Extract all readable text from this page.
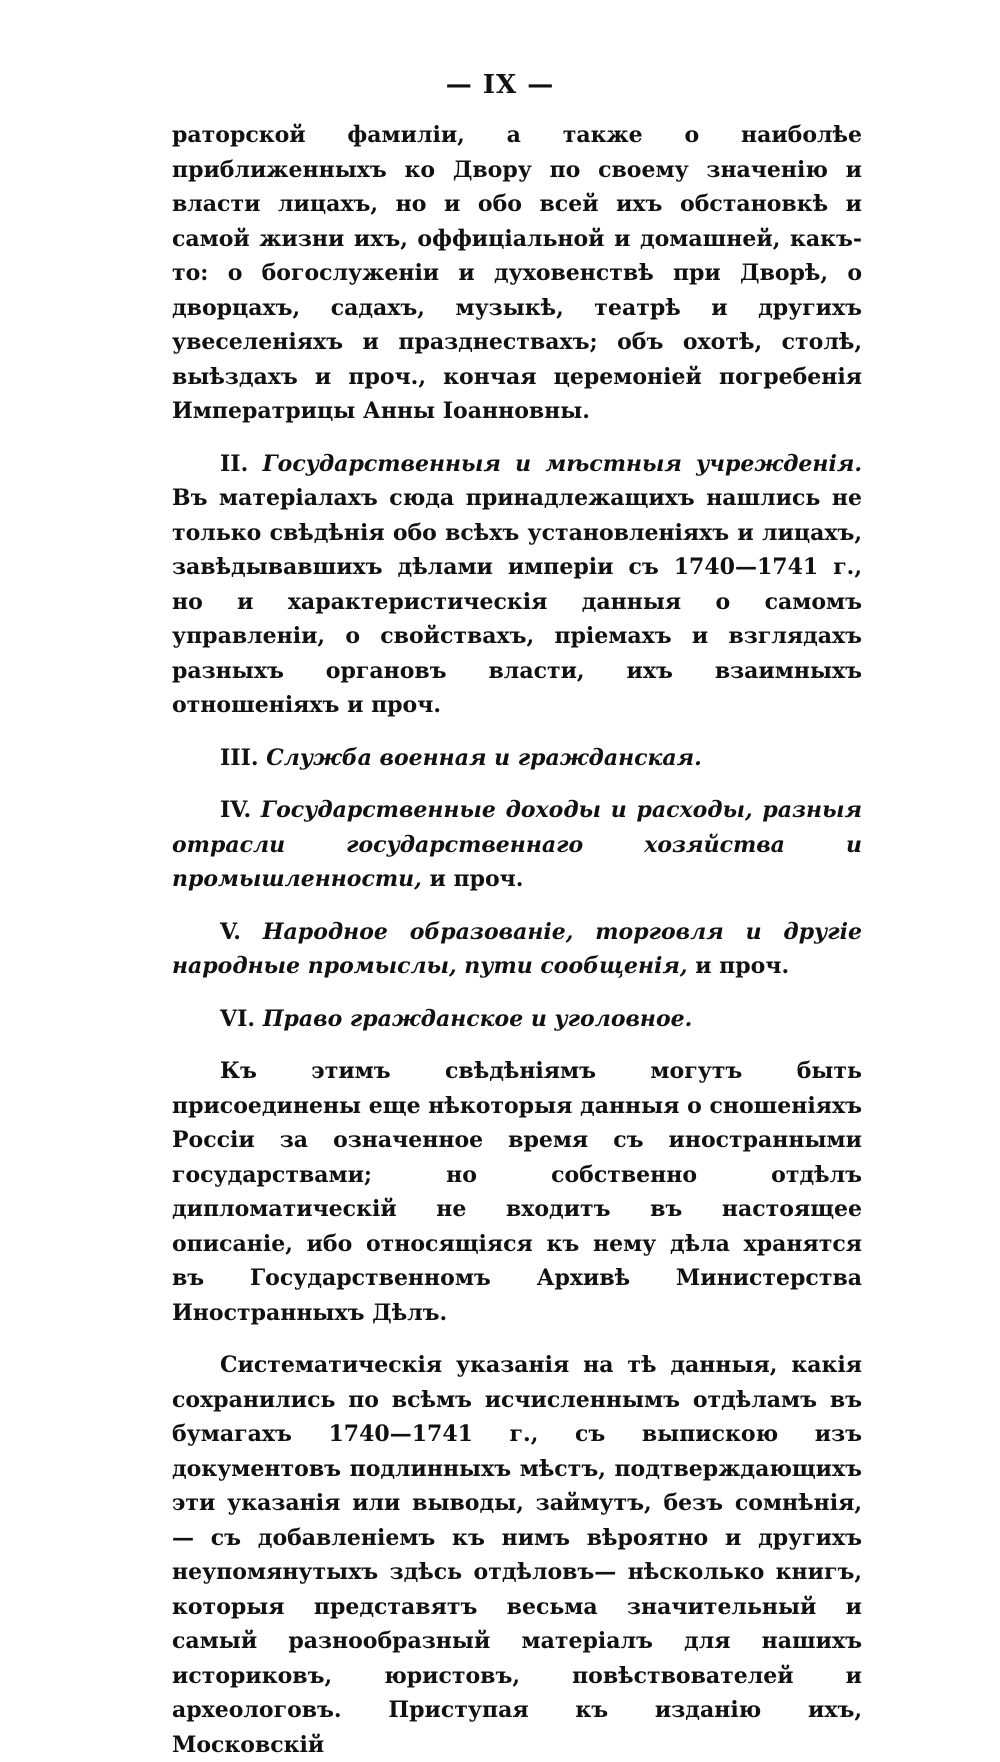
— IX —

раторской фамиліи, а также о наиболѣе приближенныхъ ко Двору по своему значенію и власти лицахъ, но и обо всей ихъ обстановкѣ и самой жизни ихъ, оффиціальной и домашней, какъ-то: о богослуженіи и духовенствѣ при Дворѣ, о дворцахъ, садахъ, музыкѣ, театрѣ и другихъ увеселеніяхъ и празднествахъ; объ охотѣ, столѣ, выѣздахъ и проч., кончая церемоніей погребенія Императрицы Анны Іоанновны.

II. Государственныя и мѣстныя учрежденія. Въ матеріалахъ сюда принадлежащихъ нашлись не только свѣдѣнія обо всѣхъ установленіяхъ и лицахъ, завѣдывавшихъ дѣлами имперіи съ 1740—1741 г., но и характеристическія данныя о самомъ управленіи, о свойствахъ, пріемахъ и взглядахъ разныхъ органовъ власти, ихъ взаимныхъ отношеніяхъ и проч.

III. Служба военная и гражданская.

IV. Государственные доходы и расходы, разныя отрасли государственнаго хозяйства и промышленности, и проч.

V. Народное образованіе, торговля и другіе народные промыслы, пути сообщенія, и проч.

VI. Право гражданское и уголовное.

Къ этимъ свѣдѣніямъ могутъ быть присоединены еще нѣкоторыя данныя о сношеніяхъ Россіи за означенное время съ иностранными государствами; но собственно отдѣлъ дипломатическій не входитъ въ настоящее описаніе, ибо относящіяся къ нему дѣла хранятся въ Государственномъ Архивѣ Министерства Иностранныхъ Дѣлъ.

Систематическія указанія на тѣ данныя, какія сохранились по всѣмъ исчисленнымъ отдѣламъ въ бумагахъ 1740—1741 г., съ выпискою изъ документовъ подлинныхъ мѣстъ, подтверждающихъ эти указанія или выводы, займутъ, безъ сомнѣнія, — съ добавленіемъ къ нимъ вѣроятно и другихъ неупомянутыхъ здѣсь отдѣловъ— нѣсколько книгъ, которыя представятъ весьма значительный и самый разнообразный матеріалъ для нашихъ историковъ, юристовъ, повѣствователей и археологовъ. Приступая къ изданію ихъ, Московскій
